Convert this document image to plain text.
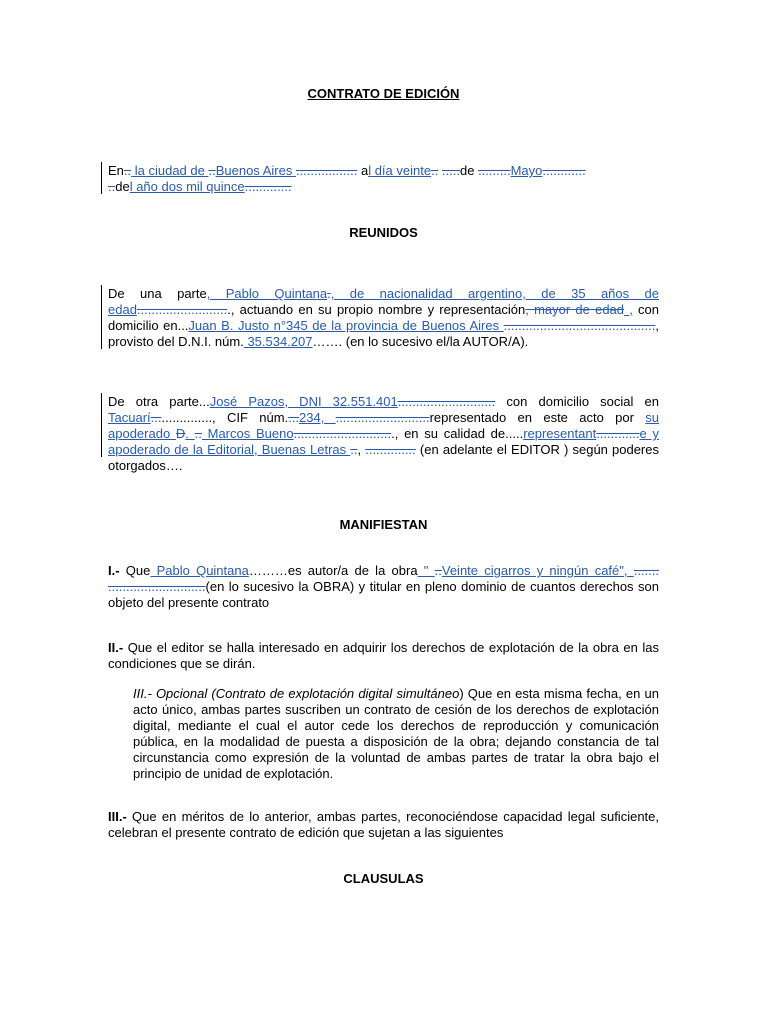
CONTRATO DE EDICIÓN
En.. la ciudad de ..Buenos Aires ................. al día veinte.. .....de .........Mayo............
..del año dos mil quince.............
REUNIDOS
De una parte, Pablo Quintana., de nacionalidad argentino, de 35 años de edad.........................., actuando en su propio nombre y representación, mayor de edad , con domicilio en...Juan B. Justo n°345 de la provincia de Buenos Aires .........................................., provisto del D.N.I. núm. 35.534.207……. (en lo sucesivo el/la AUTOR/A).
De otra parte...José Pazos, DNI 32.551.401........................... con domicilio social en Tacuarí................., CIF núm....234, ..........................representado en este acto por su apoderado D. .. Marcos Bueno............................, en su calidad de.....representant............e y apoderado de la Editorial, Buenas Letras .., .............. (en adelante el EDITOR ) según poderes otorgados….
MANIFIESTAN
I.- Que Pablo Quintana………es autor/a de la obra " ..Veinte cigarros y ningún café", ....... ...........................(en lo sucesivo la OBRA) y titular en pleno dominio de cuantos derechos son objeto del presente contrato
II.- Que el editor se halla interesado en adquirir los derechos de explotación de la obra en las condiciones que se dirán.
III.- Opcional (Contrato de explotación digital simultáneo) Que en esta misma fecha, en un acto único, ambas partes suscriben un contrato de cesión de los derechos de explotación digital, mediante el cual el autor cede los derechos de reproducción y comunicación pública, en la modalidad de puesta a disposición de la obra; dejando constancia de tal circunstancia como expresión de la voluntad de ambas partes de tratar la obra bajo el principio de unidad de explotación.
III.- Que en méritos de lo anterior, ambas partes, reconociéndose capacidad legal suficiente, celebran el presente contrato de edición que sujetan a las siguientes
CLAUSULAS
